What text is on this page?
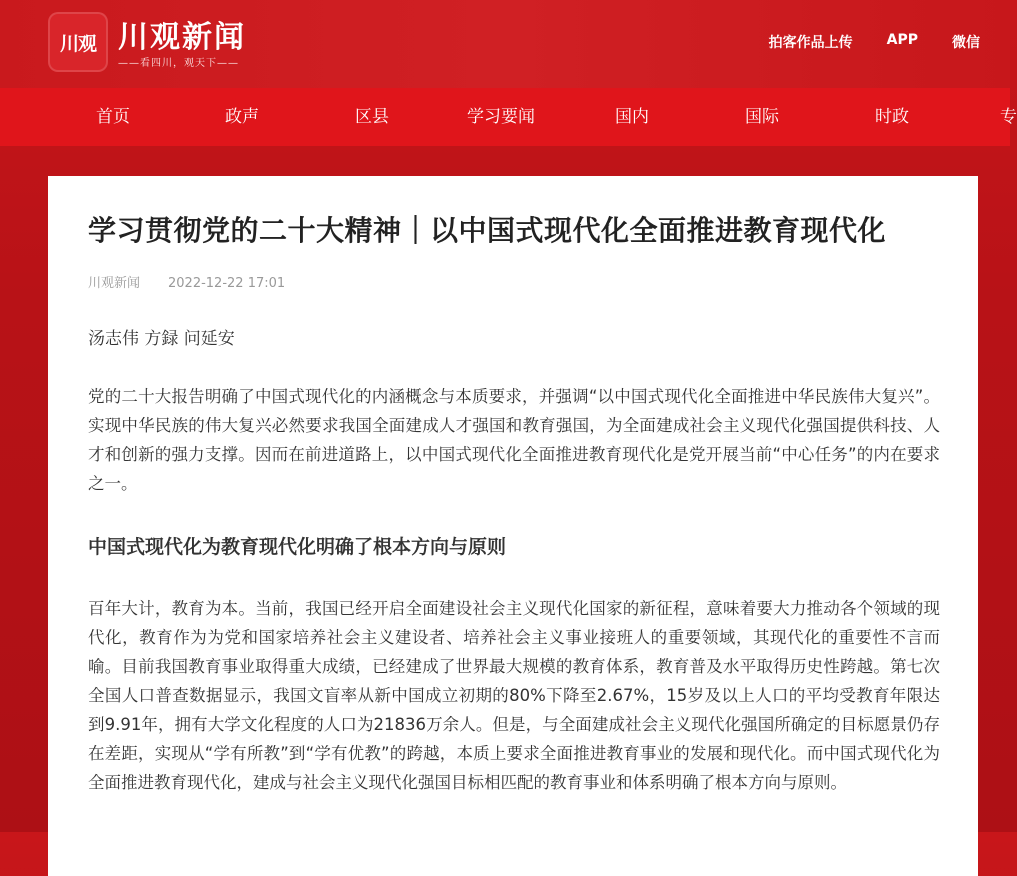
川观 川观新闻
——看四川，观天下——
拍客作品上传 APP 微信
首页	政声	区县	学习要闻	国内	国际	时政	专
学习贯彻党的二十大精神｜以中国式现代化全面推进教育现代化
川观新闻 2022-12-22 17:01
汤志伟 方録 问延安
党的二十大报告明确了中国式现代化的内涵概念与本质要求，并强调“以中国式现代化全面推进中华民族伟大复兴”。实现中华民族的伟大复兴必然要求我国全面建成人才强国和教育强国，为全面建成社会主义现代化强国提供科技、人才和创新的强力支撑。因而在前进道路上，以中国式现代化全面推进教育现代化是党开展当前“中心任务”的内在要求之一。
中国式现代化为教育现代化明确了根本方向与原则
百年大计，教育为本。当前，我国已经开启全面建设社会主义现代化国家的新征程，意味着要大力推动各个领域的现代化，教育作为为党和国家培养社会主义建设者、培养社会主义事业接班人的重要领域，其现代化的重要性不言而喻。目前我国教育事业取得重大成绩，已经建成了世界最大规模的教育体系，教育普及水平取得历史性跨越。第七次全国人口普查数据显示，我国文盲率从新中国成立初期的80%下降至2.67%，15岁及以上人口的平均受教育年限达到9.91年，拥有大学文化程度的人口为21836万余人。但是，与全面建成社会主义现代化强国所确定的目标愿景仍存在差距，实现从“学有所教”到“学有优教”的跨越，本质上要求全面推进教育事业的发展和现代化。而中国式现代化为全面推进教育现代化，建成与社会主义现代化强国目标相匹配的教育事业和体系明确了根本方向与原则。
